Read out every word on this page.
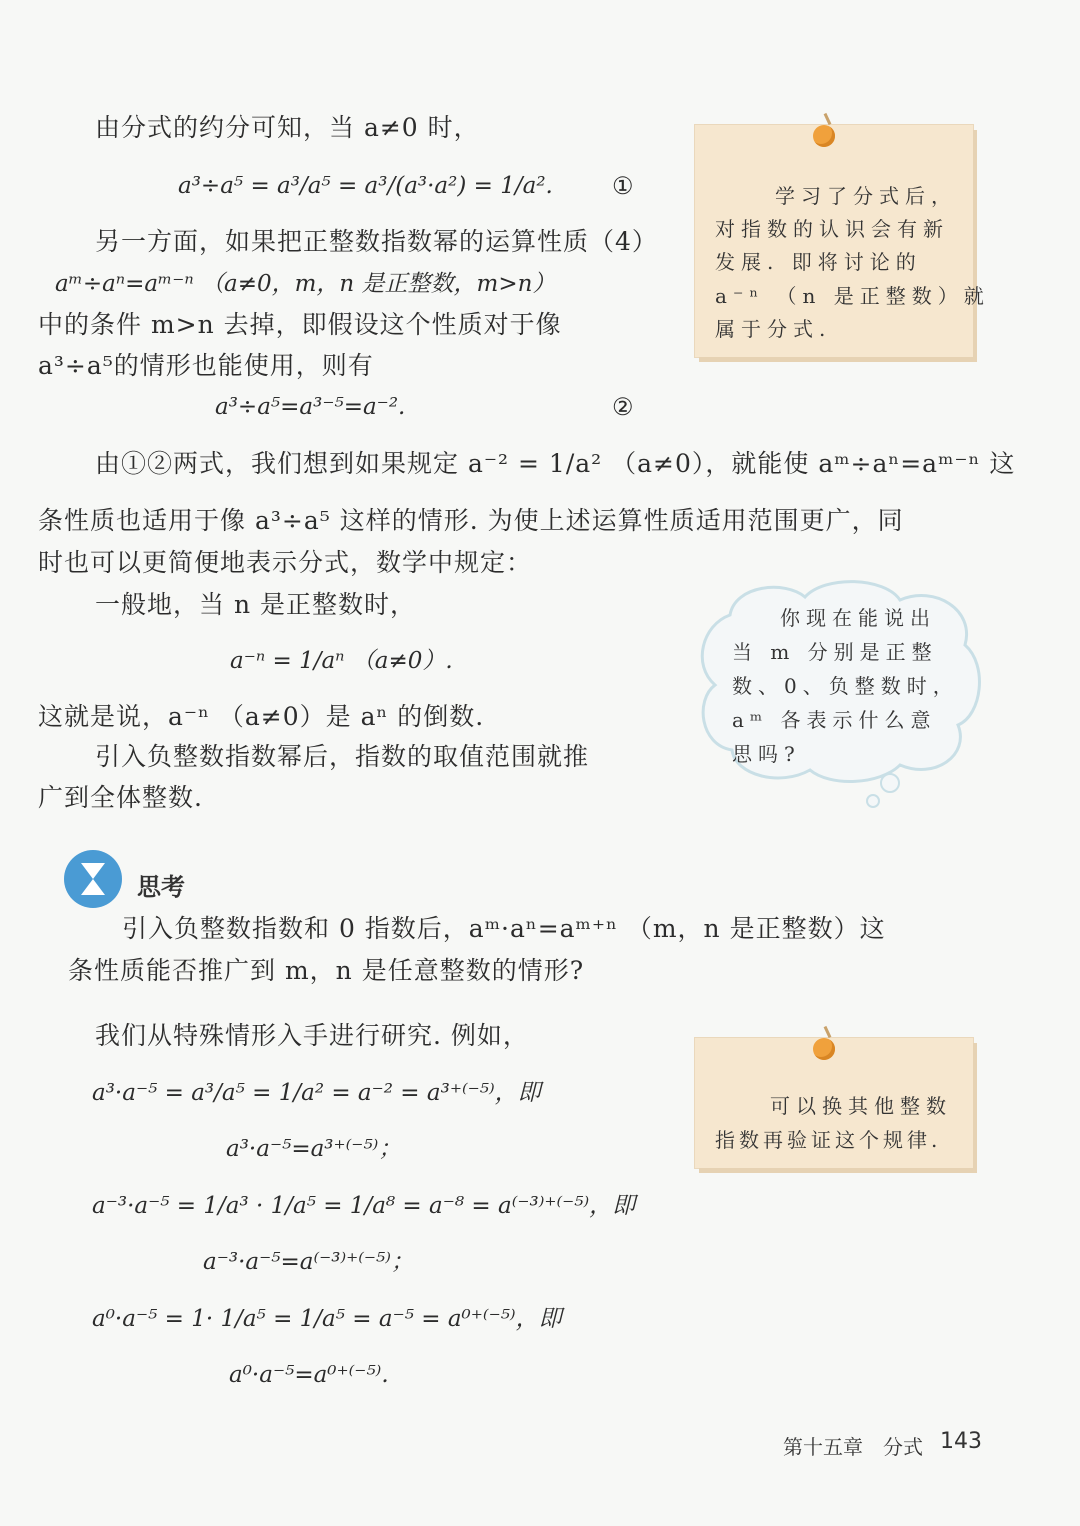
由分式的约分可知，当 a≠0 时，
a³÷a⁵ = a³/a⁵ = a³/(a³·a²) = 1/a². ①
另一方面，如果把正整数指数幂的运算性质（4）
aᵐ÷aⁿ=aᵐ⁻ⁿ （a≠0，m，n 是正整数，m>n）
中的条件 m>n 去掉，即假设这个性质对于像
a³÷a⁵的情形也能使用，则有
a³÷a⁵=a³⁻⁵=a⁻².	②
由①②两式，我们想到如果规定 a⁻² = 1/a² （a≠0），就能使 aᵐ÷aⁿ=aᵐ⁻ⁿ 这
条性质也适用于像 a³÷a⁵ 这样的情形. 为使上述运算性质适用范围更广，同
时也可以更简便地表示分式，数学中规定：
一般地，当 n 是正整数时，
a⁻ⁿ = 1/aⁿ （a≠0）.
这就是说，a⁻ⁿ （a≠0）是 aⁿ 的倒数.
引入负整数指数幂后，指数的取值范围就推
广到全体整数.
学习了分式后，
对指数的认识会有新
发展. 即将讨论的
a⁻ⁿ （n 是正整数）就
属于分式.
你现在能说出
当 m 分别是正整
数、0、负整数时，
aᵐ 各表示什么意
思吗?
思考
引入负整数指数和 0 指数后，aᵐ·aⁿ=aᵐ⁺ⁿ （m，n 是正整数）这
条性质能否推广到 m，n 是任意整数的情形?
我们从特殊情形入手进行研究. 例如，
a³·a⁻⁵ = a³/a⁵ = 1/a² = a⁻² = a³⁺⁽⁻⁵⁾，即
a³·a⁻⁵=a³⁺⁽⁻⁵⁾；
a⁻³·a⁻⁵ = 1/a³ · 1/a⁵ = 1/a⁸ = a⁻⁸ = a⁽⁻³⁾⁺⁽⁻⁵⁾，即
a⁻³·a⁻⁵=a⁽⁻³⁾⁺⁽⁻⁵⁾；
a⁰·a⁻⁵ = 1· 1/a⁵ = 1/a⁵ = a⁻⁵ = a⁰⁺⁽⁻⁵⁾，即
a⁰·a⁻⁵=a⁰⁺⁽⁻⁵⁾.
可以换其他整数
指数再验证这个规律.
第十五章　分式 143
